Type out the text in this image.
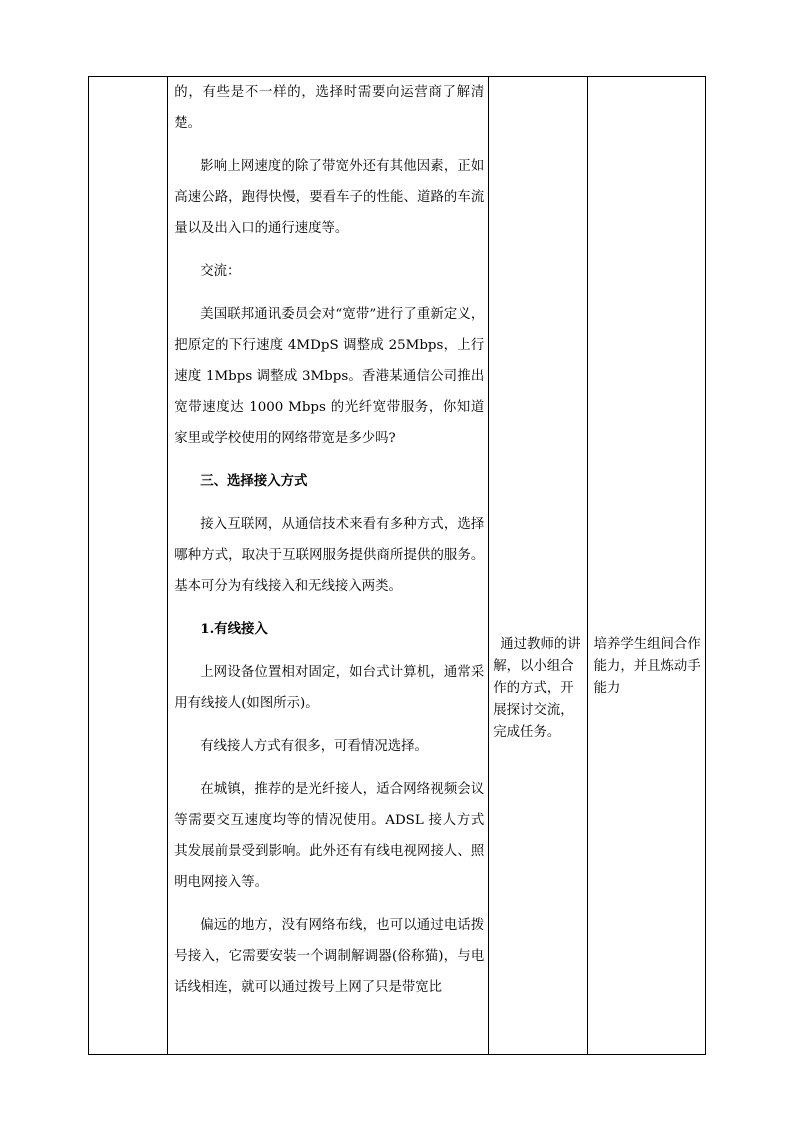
的，有些是不一样的，选择时需要向运营商了解清楚。

影响上网速度的除了带宽外还有其他因素，正如高速公路，跑得快慢，要看车子的性能、道路的车流量以及出入口的通行速度等。

交流：

美国联邦通讯委员会对“宽带”进行了重新定义，把原定的下行速度 4MDpS 调整成 25Mbps，上行速度 1Mbps 调整成 3Mbps。香港某通信公司推出宽带速度达 1000 Mbps 的光纤宽带服务，你知道家里或学校使用的网络带宽是多少吗?

三、选择接入方式

接入互联网，从通信技术来看有多种方式，选择哪种方式，取决于互联网服务提供商所提供的服务。基本可分为有线接入和无线接入两类。

1.有线接入

上网设备位置相对固定，如台式计算机，通常采用有线接人(如图所示)。

有线接人方式有很多，可看情况选择。

在城镇，推荐的是光纤接人，适合网络视频会议等需要交互速度均等的情况使用。ADSL 接人方式其发展前景受到影响。此外还有有线电视网接人、照明电网接入等。

偏远的地方，没有网络布线，也可以通过电话拨号接入，它需要安装一个调制解调器(俗称猫)，与电话线相连，就可以通过拨号上网了只是带宽比

通过教师的讲解，以小组合作的方式，开展探讨交流，完成任务。

培养学生组间合作能力，并且炼动手能力
